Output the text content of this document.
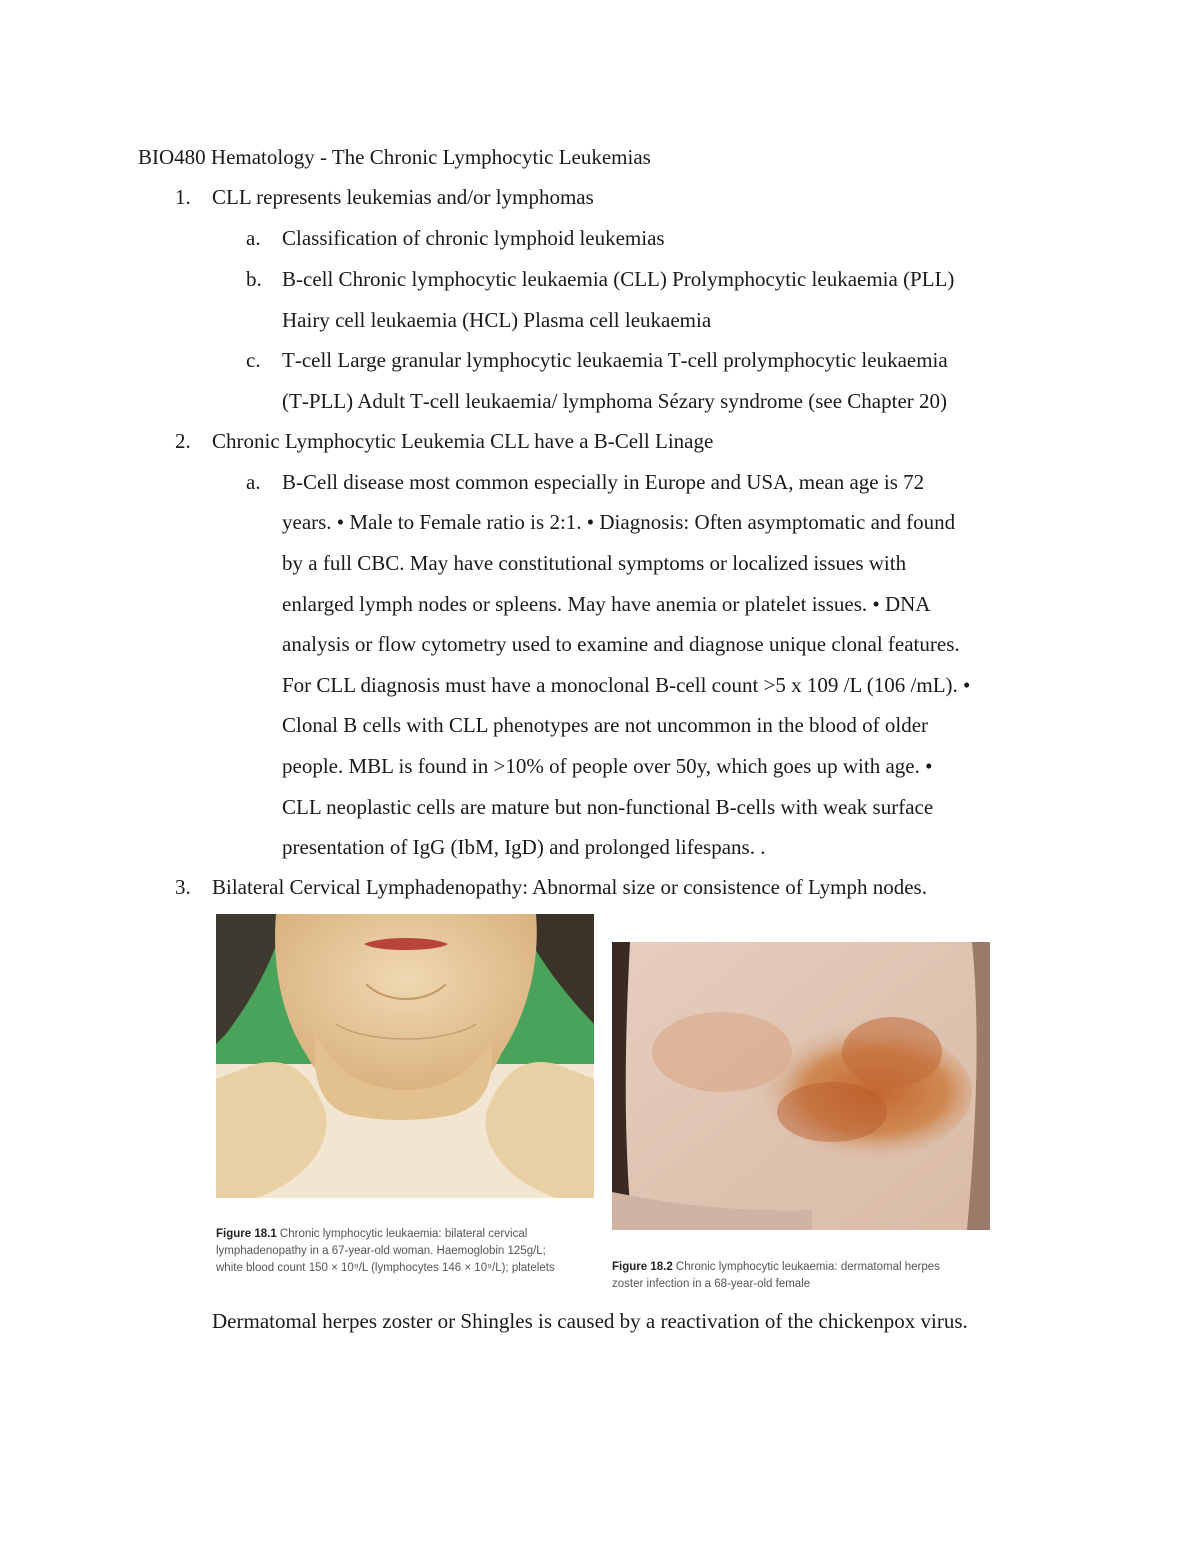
BIO480 Hematology - The Chronic Lymphocytic Leukemias
1. CLL represents leukemias and/or lymphomas
a. Classification of chronic lymphoid leukemias
b. B‑cell Chronic lymphocytic leukaemia (CLL) Prolymphocytic leukaemia (PLL)
Hairy cell leukaemia (HCL) Plasma cell leukaemia
c. T‑cell Large granular lymphocytic leukaemia T‑cell prolymphocytic leukaemia
(T‑PLL) Adult T‑cell leukaemia/ lymphoma Sézary syndrome (see Chapter 20)
2. Chronic Lymphocytic Leukemia CLL have a B-Cell Linage
a. B-Cell disease most common especially in Europe and USA, mean age is 72
years. • Male to Female ratio is 2:1. • Diagnosis: Often asymptomatic and found
by a full CBC. May have constitutional symptoms or localized issues with
enlarged lymph nodes or spleens. May have anemia or platelet issues. • DNA
analysis or flow cytometry used to examine and diagnose unique clonal features.
For CLL diagnosis must have a monoclonal B-cell count >5 x 109 /L (106 /mL). •
Clonal B cells with CLL phenotypes are not uncommon in the blood of older
people. MBL is found in >10% of people over 50y, which goes up with age. •
CLL neoplastic cells are mature but non-functional B-cells with weak surface
presentation of IgG (IbM, IgD) and prolonged lifespans. .
3. Bilateral Cervical Lymphadenopathy: Abnormal size or consistence of Lymph nodes.
Figure 18.1 Chronic lymphocytic leukaemia: bilateral cervical
lymphadenopathy in a 67-year-old woman. Haemoglobin 125g/L;
white blood count 150 × 10⁹/L (lymphocytes 146 × 10⁹/L); platelets	Figure 18.2 Chronic lymphocytic leukaemia: dermatomal herpes
zoster infection in a 68-year-old female
Dermatomal herpes zoster or Shingles is caused by a reactivation of the chickenpox virus.
